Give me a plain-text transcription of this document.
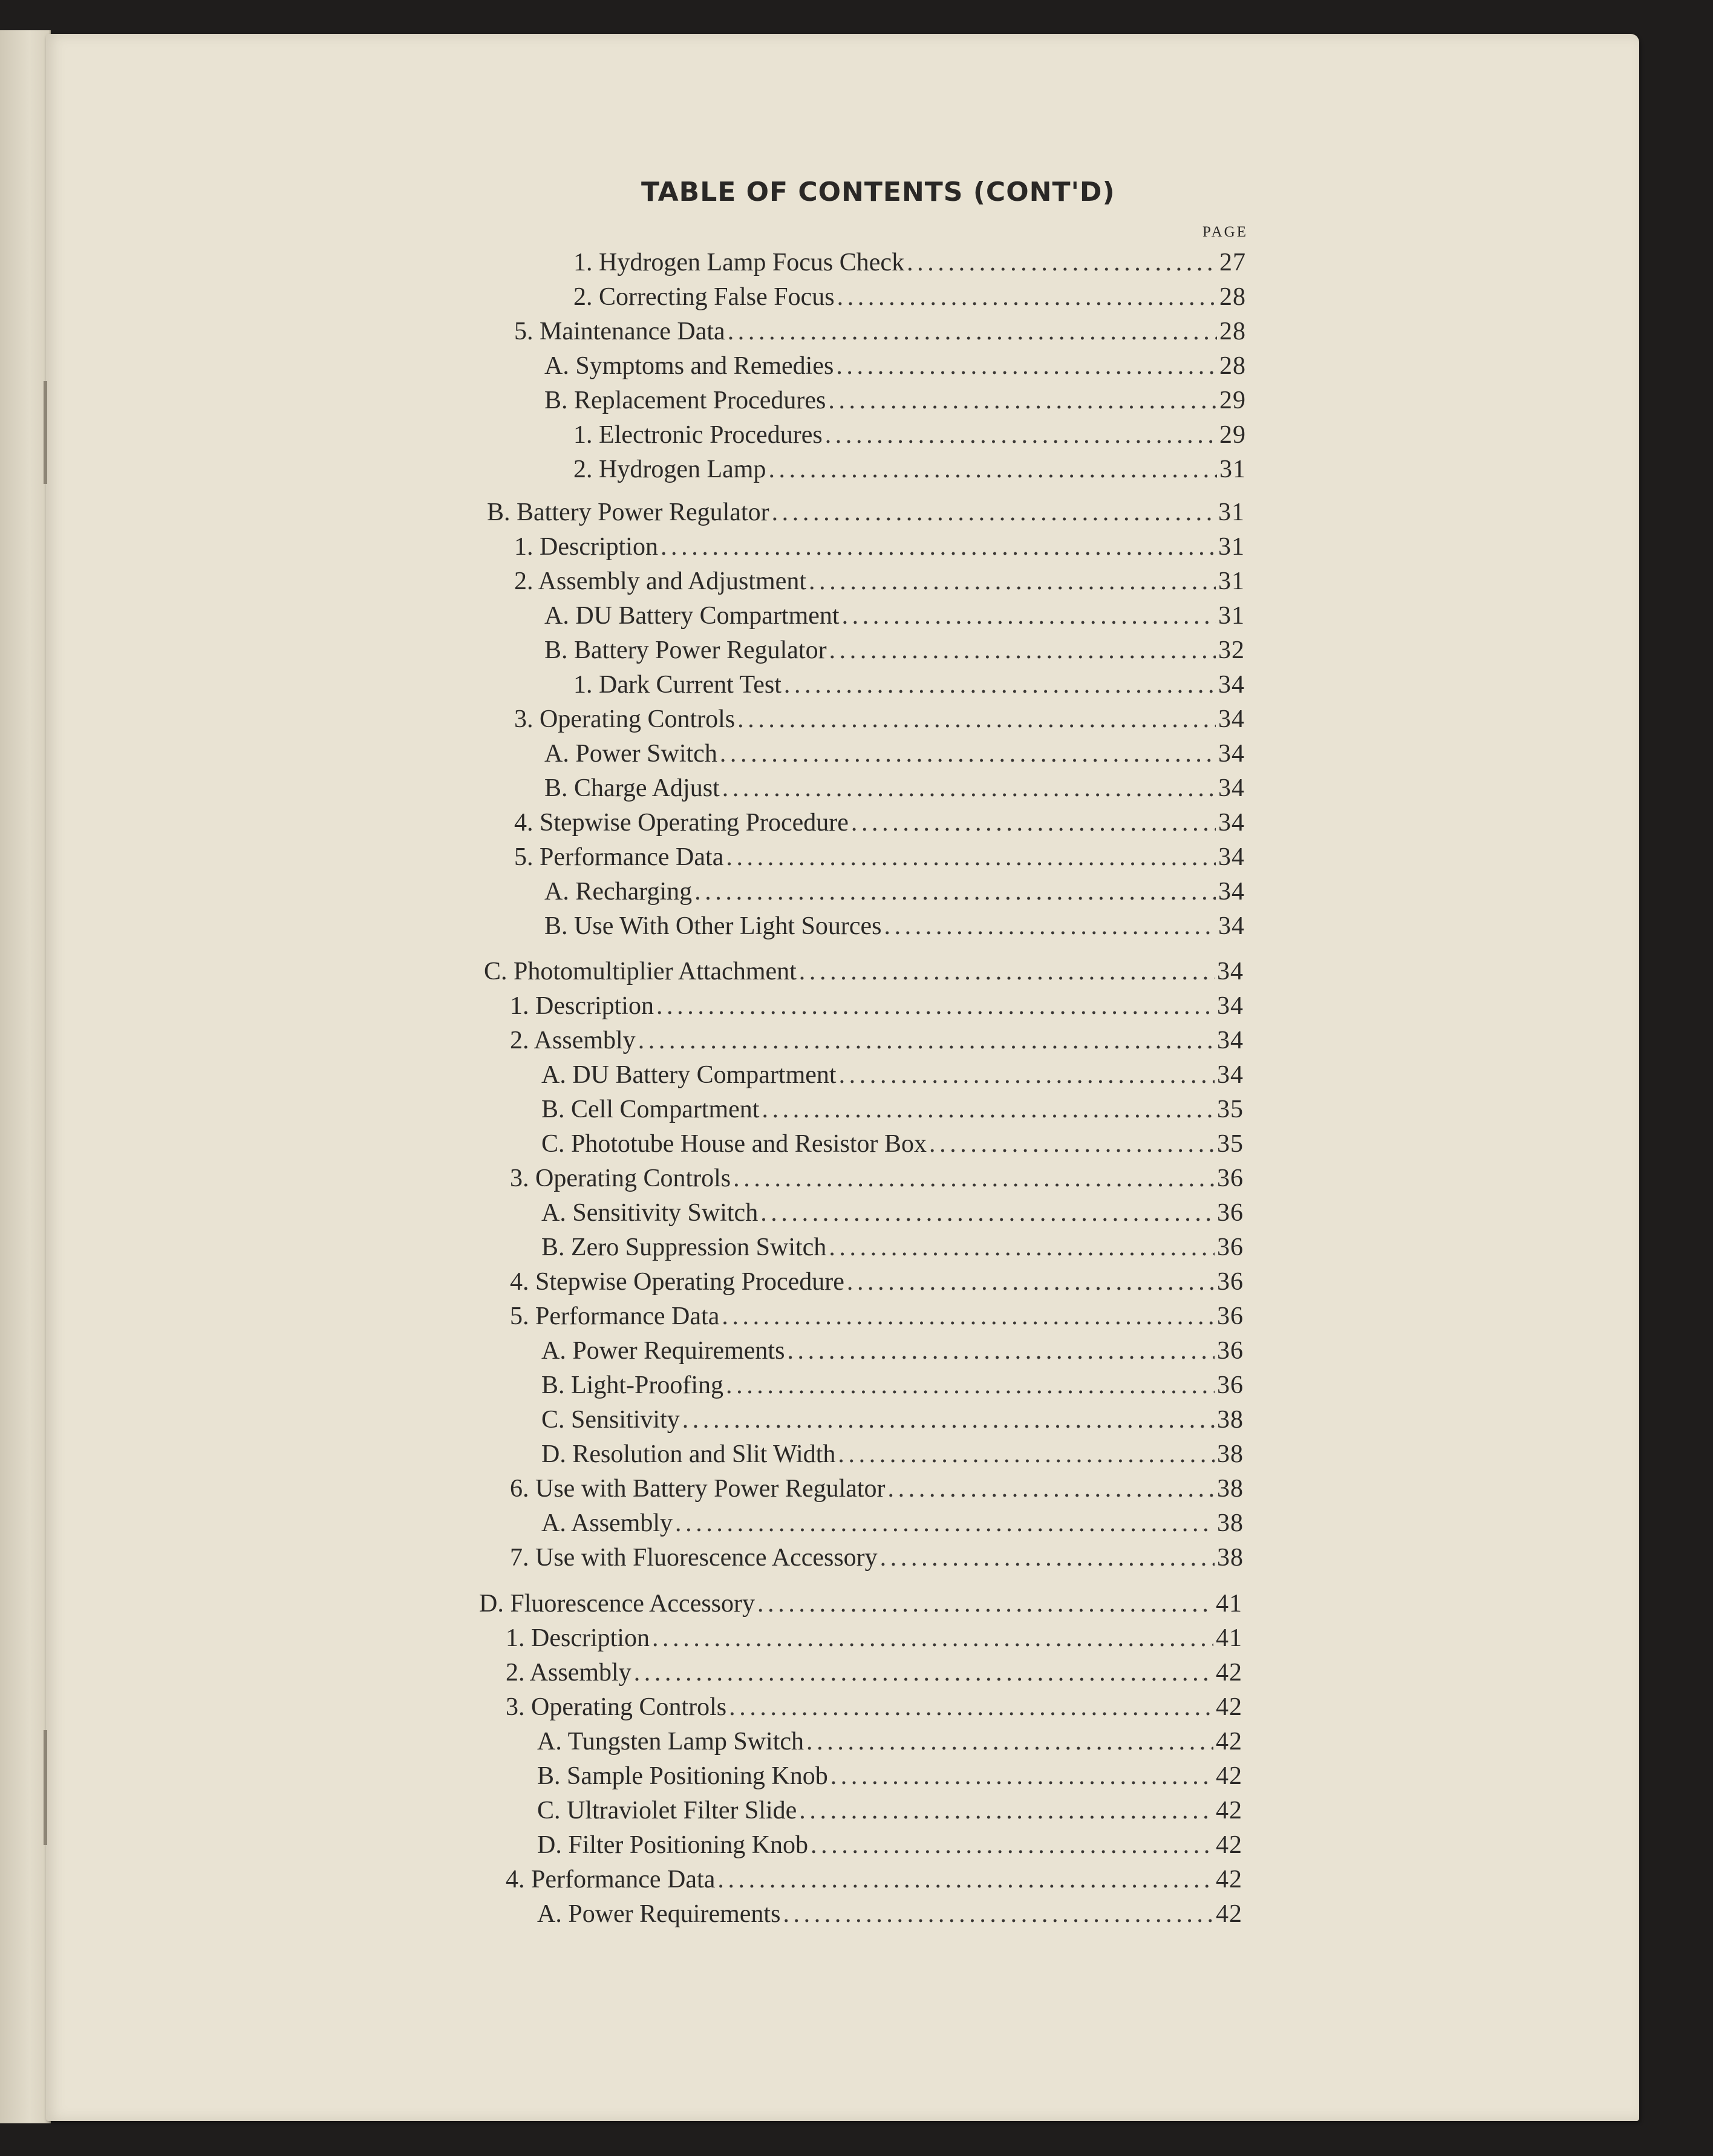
TABLE OF CONTENTS (CONT'D)
PAGE
1. Hydrogen Lamp Focus Check .....	27
2. Correcting False Focus .....	28
5. Maintenance Data .....	28
A. Symptoms and Remedies .....	28
B. Replacement Procedures .....	29
1. Electronic Procedures .....	29
2. Hydrogen Lamp .....	31
B. Battery Power Regulator .....	31
1. Description .....	31
2. Assembly and Adjustment .....	31
A. DU Battery Compartment .....	31
B. Battery Power Regulator .....	32
1. Dark Current Test .....	34
3. Operating Controls .....	34
A. Power Switch .....	34
B. Charge Adjust .....	34
4. Stepwise Operating Procedure .....	34
5. Performance Data .....	34
A. Recharging .....	34
B. Use With Other Light Sources .....	34
C. Photomultiplier Attachment .....	34
1. Description .....	34
2. Assembly .....	34
A. DU Battery Compartment .....	34
B. Cell Compartment .....	35
C. Phototube House and Resistor Box .....	35
3. Operating Controls .....	36
A. Sensitivity Switch .....	36
B. Zero Suppression Switch .....	36
4. Stepwise Operating Procedure .....	36
5. Performance Data .....	36
A. Power Requirements .....	36
B. Light-Proofing .....	36
C. Sensitivity .....	38
D. Resolution and Slit Width .....	38
6. Use with Battery Power Regulator .....	38
A. Assembly .....	38
7. Use with Fluorescence Accessory .....	38
D. Fluorescence Accessory .....	41
1. Description .....	41
2. Assembly .....	42
3. Operating Controls .....	42
A. Tungsten Lamp Switch .....	42
B. Sample Positioning Knob .....	42
C. Ultraviolet Filter Slide .....	42
D. Filter Positioning Knob .....	42
4. Performance Data .....	42
A. Power Requirements .....	42
